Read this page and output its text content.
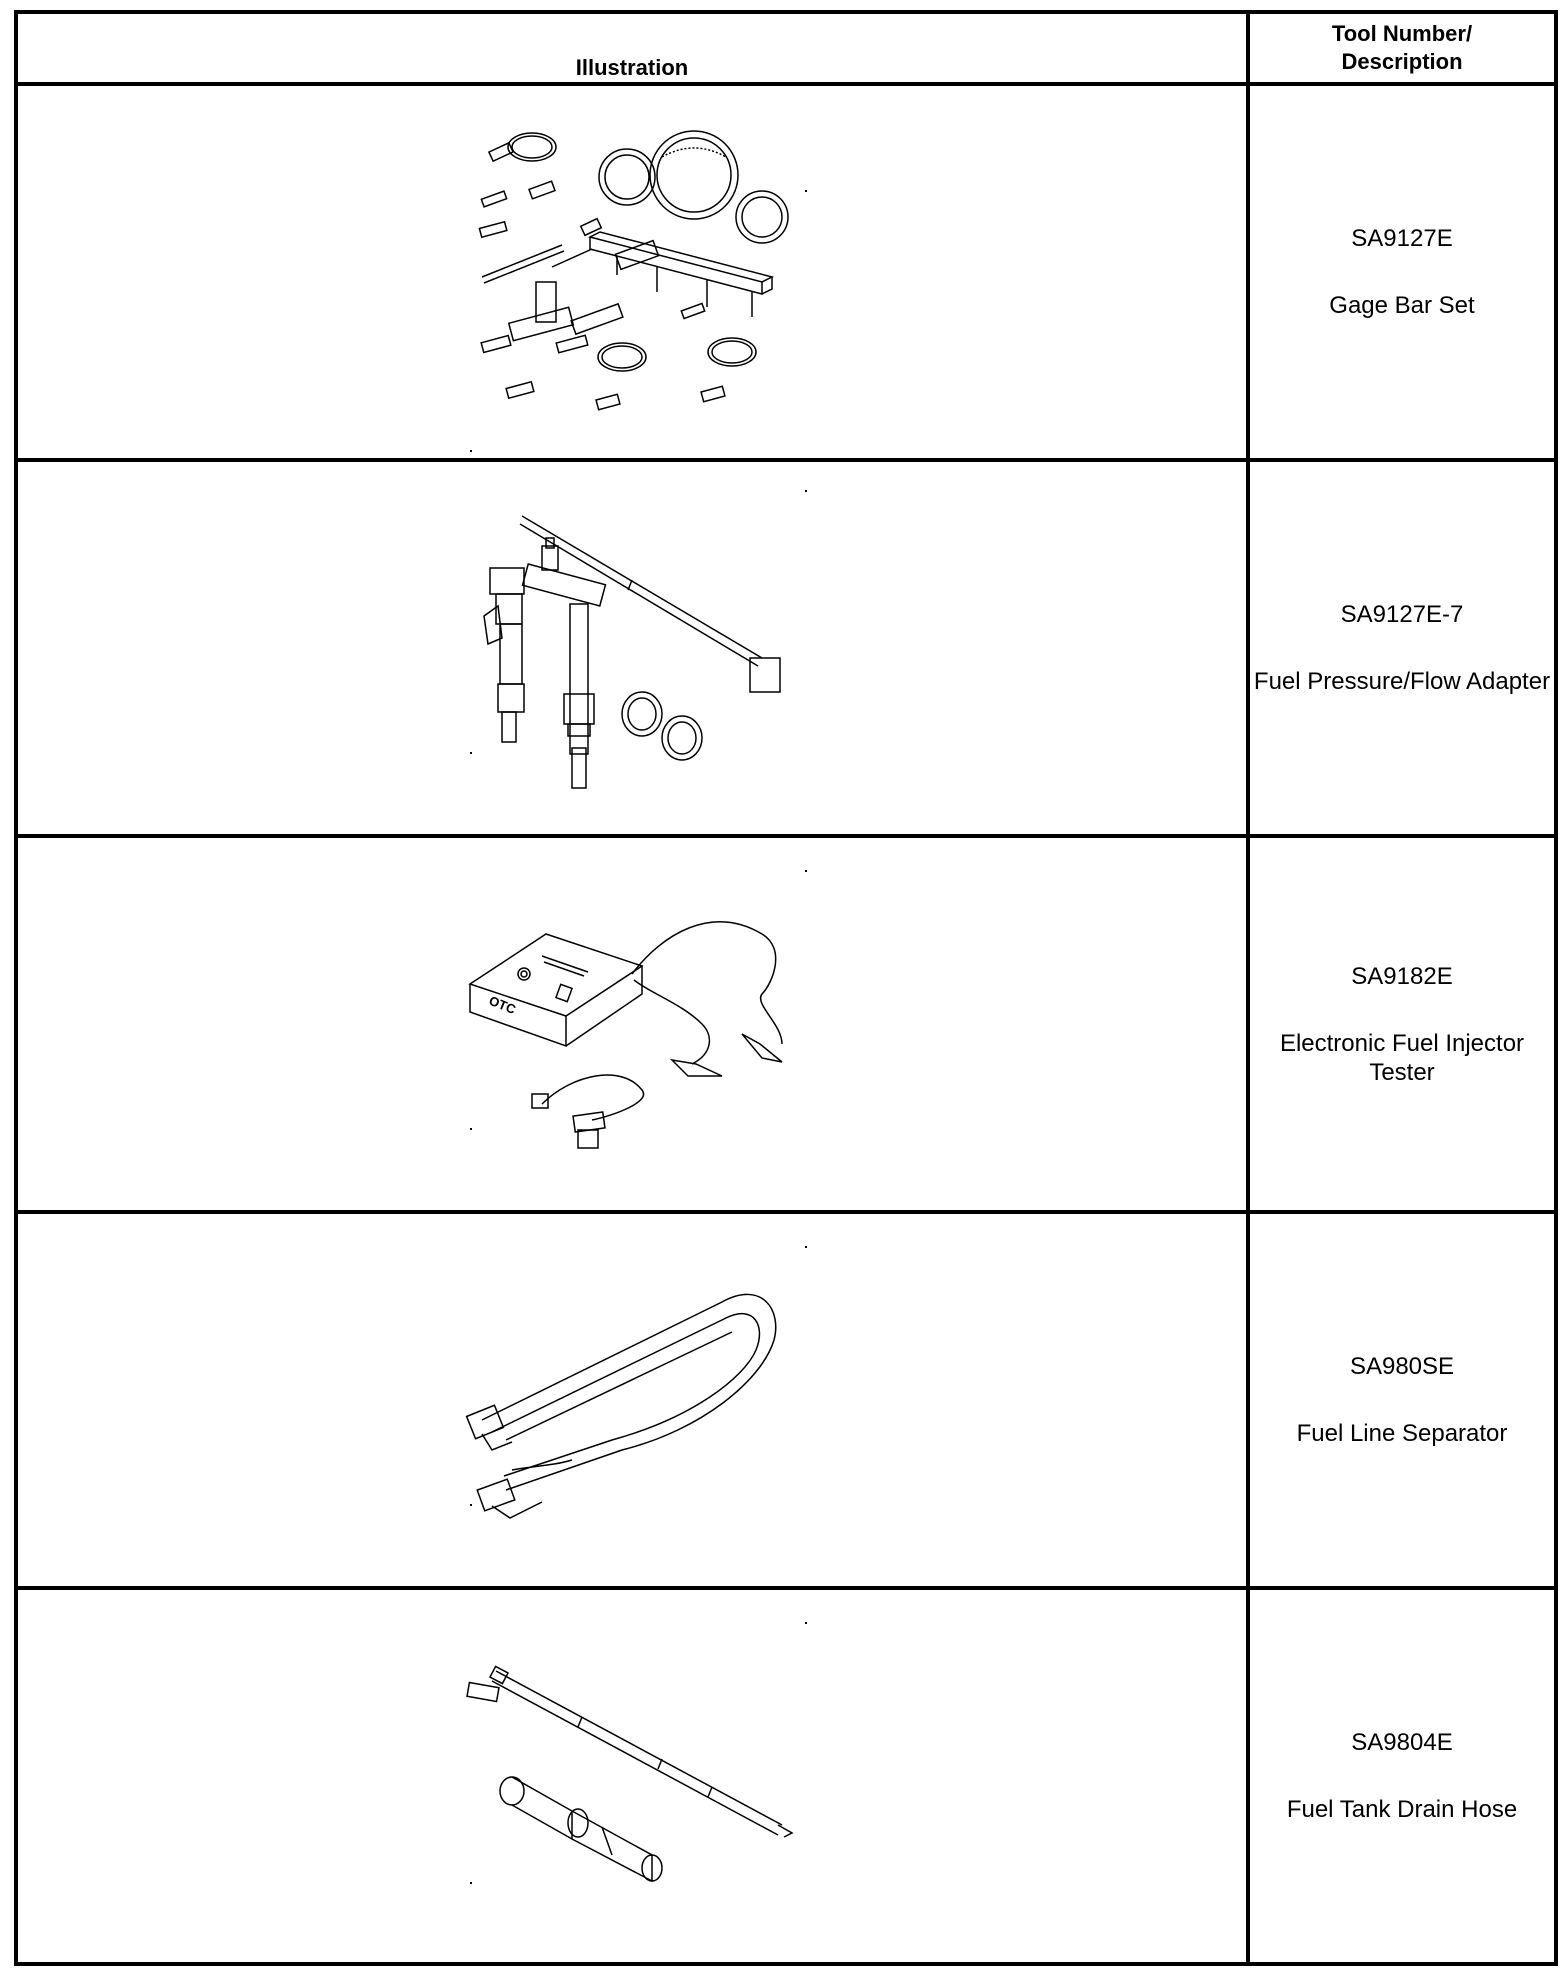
Illustration	Tool Number/
Description

SA9127E
Gage Bar Set

SA9127E-7
Fuel Pressure/Flow Adapter

OTC	SA9182E
Electronic Fuel Injector Tester

SA980SE
Fuel Line Separator

SA9804E
Fuel Tank Drain Hose
